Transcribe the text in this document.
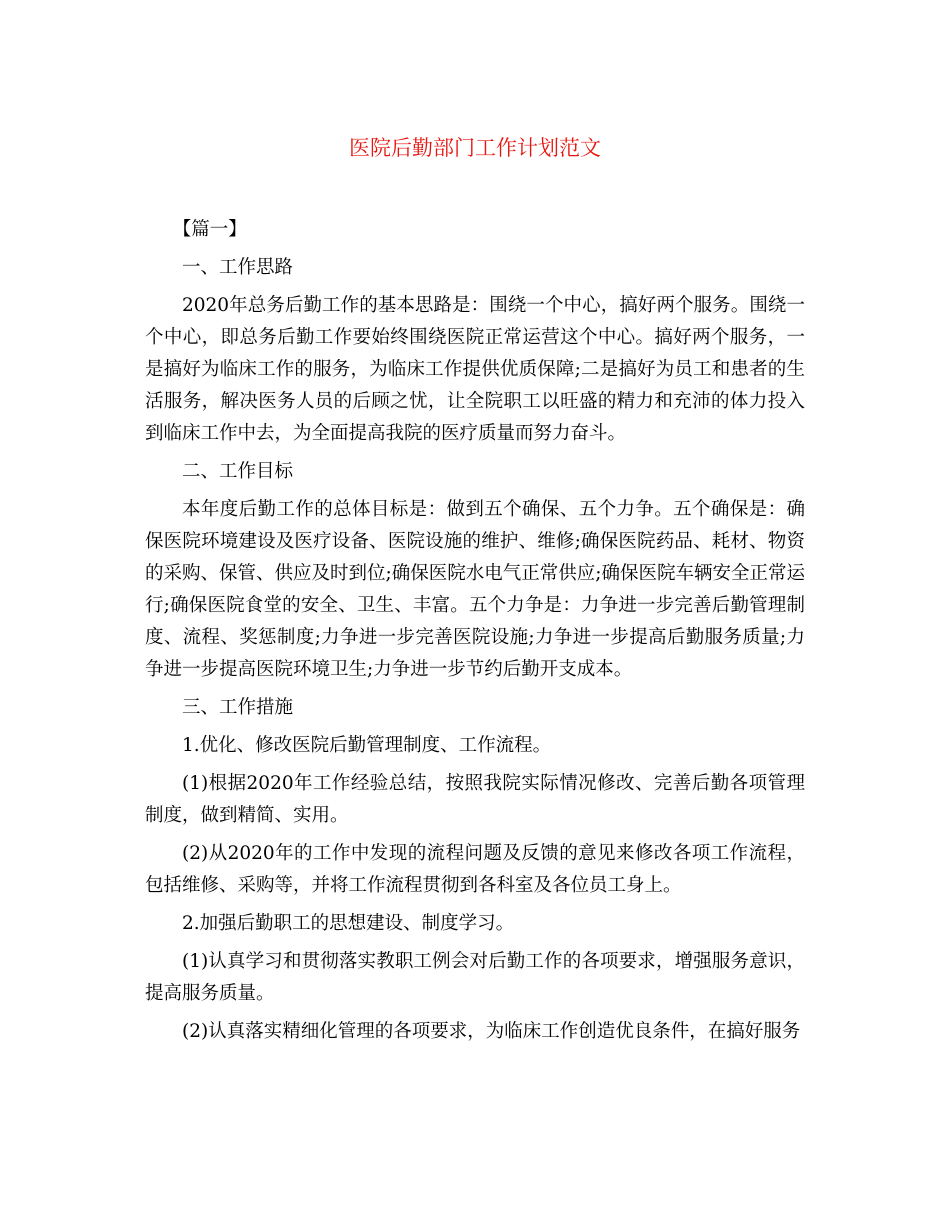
医院后勤部门工作计划范文
【篇一】
一、工作思路
2020年总务后勤工作的基本思路是：围绕一个中心，搞好两个服务。围绕一个中心，即总务后勤工作要始终围绕医院正常运营这个中心。搞好两个服务，一是搞好为临床工作的服务，为临床工作提供优质保障;二是搞好为员工和患者的生活服务，解决医务人员的后顾之忧，让全院职工以旺盛的精力和充沛的体力投入到临床工作中去，为全面提高我院的医疗质量而努力奋斗。
二、工作目标
本年度后勤工作的总体目标是：做到五个确保、五个力争。五个确保是：确保医院环境建设及医疗设备、医院设施的维护、维修;确保医院药品、耗材、物资的采购、保管、供应及时到位;确保医院水电气正常供应;确保医院车辆安全正常运行;确保医院食堂的安全、卫生、丰富。五个力争是：力争进一步完善后勤管理制度、流程、奖惩制度;力争进一步完善医院设施;力争进一步提高后勤服务质量;力争进一步提高医院环境卫生;力争进一步节约后勤开支成本。
三、工作措施
1.优化、修改医院后勤管理制度、工作流程。
(1)根据2020年工作经验总结，按照我院实际情况修改、完善后勤各项管理制度，做到精简、实用。
(2)从2020年的工作中发现的流程问题及反馈的意见来修改各项工作流程，包括维修、采购等，并将工作流程贯彻到各科室及各位员工身上。
2.加强后勤职工的思想建设、制度学习。
(1)认真学习和贯彻落实教职工例会对后勤工作的各项要求，增强服务意识，提高服务质量。
(2)认真落实精细化管理的各项要求，为临床工作创造优良条件，在搞好服务
